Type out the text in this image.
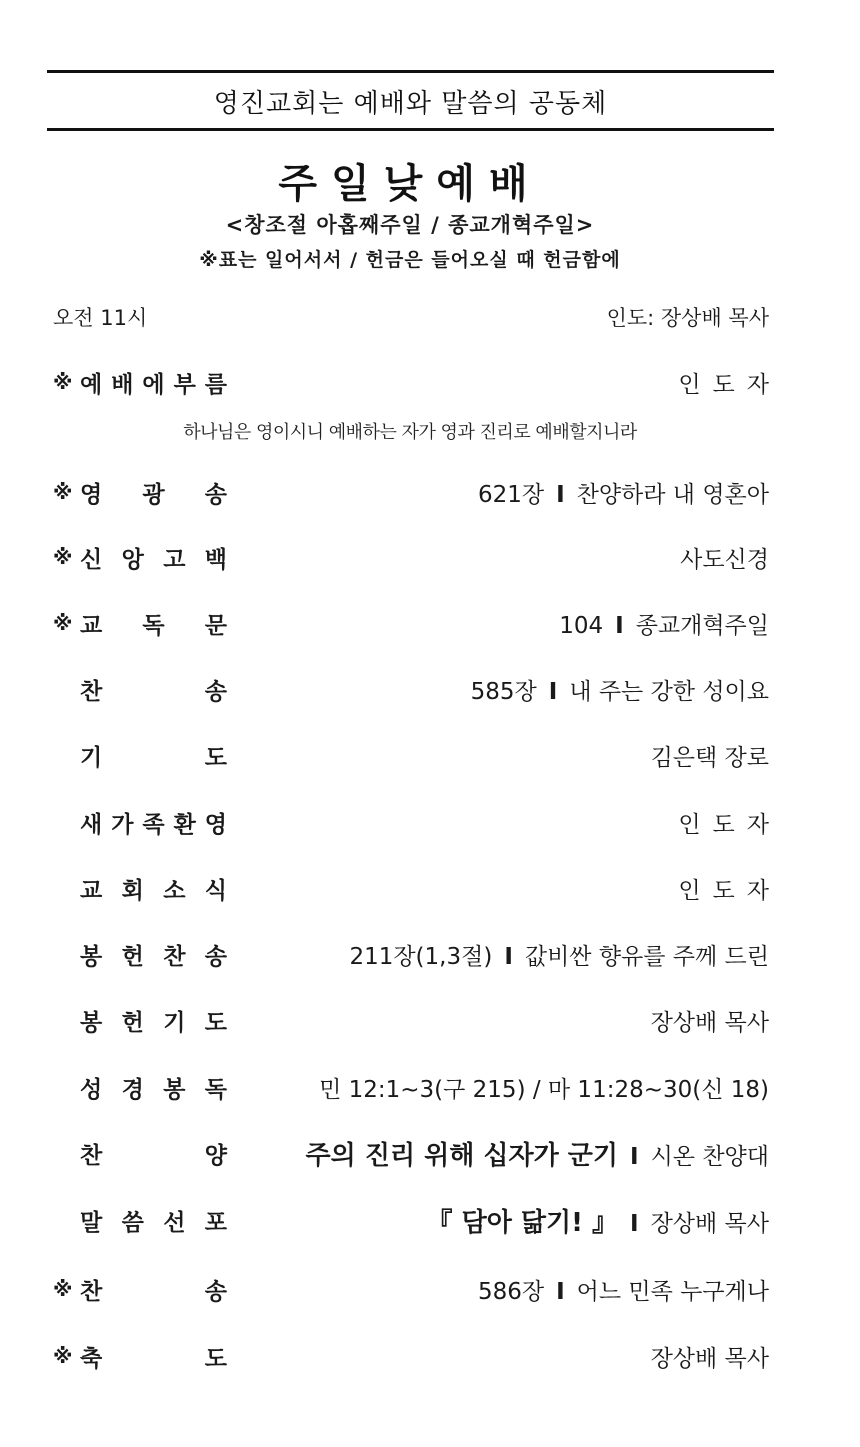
영진교회는 예배와 말씀의 공동체
주일낮예배
<창조절 아홉째주일 / 종교개혁주일>
※표는 일어서서 / 헌금은 들어오실 때 헌금함에
오전 11시	인도: 장상배 목사
하나님은 영이시니 예배하는 자가 영과 진리로 예배할지니라
※ 예 배 에 부 름	인도자
※ 영 광 송	621장 I 찬양하라 내 영혼아
※ 신 앙 고 백	사도신경
※ 교 독 문	104 I 종교개혁주일
찬	송	585장 I 내 주는 강한 성이요
기	도	김은택 장로
새 가 족 환 영	인도자
교 회 소 식	인도자
봉 헌 찬 송	211장(1,3절) I 값비싼 향유를 주께 드린
봉 헌 기 도	장상배 목사
성 경 봉 독	민 12:1~3(구 215) / 마 11:28~30(신 18)
찬	양	주의 진리 위해 십자가 군기 I 시온 찬양대
말 씀 선 포	『 담아 닮기! 』 I 장상배 목사
※ 찬	송	586장 I 어느 민족 누구게나
※ 축	도	장상배 목사
